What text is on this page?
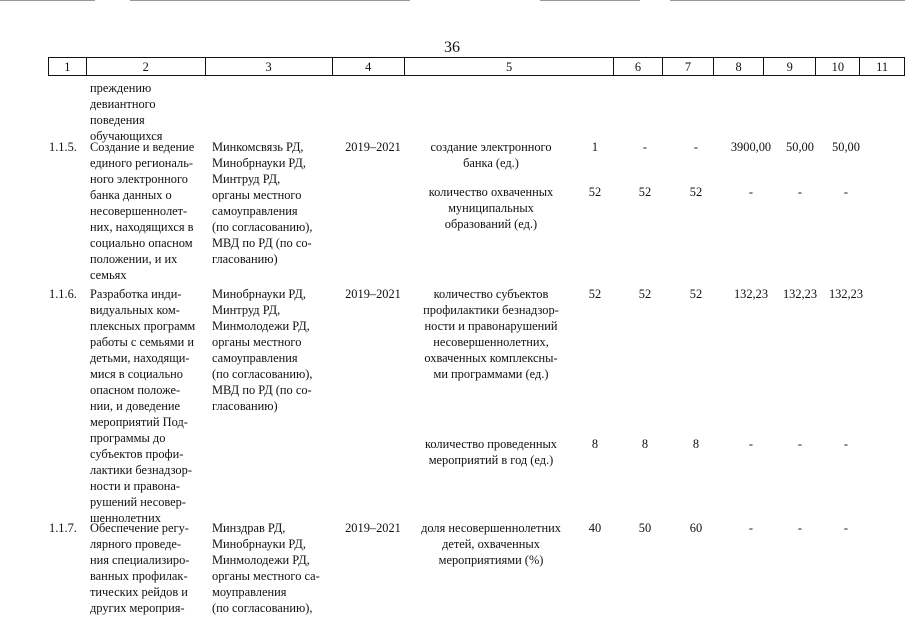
36
1	2	3	4	5	6	7	8	9	10	11
преждению девиантного поведения
обучающихся
1.1.5.	Создание и ведение
единого региональ-
ного электронного
банка данных о
несовершеннолет-
них, находящихся в
социально опасном
положении, и их
семьях
Минкомсвязь РД,
Минобрнауки РД,
Минтруд РД,
органы местного
самоуправления
(по согласованию),
МВД по РД (по со-
гласованию)
2019–2021	создание электронного
банка (ед.)
1	-	-	3900,00	50,00	50,00
количество охваченных
муниципальных
образований (ед.)
52	52	52	-	-	-
1.1.6.	Разработка инди-
видуальных ком-
плексных программ
работы с семьями и
детьми, находящи-
мися в социально
опасном положе-
нии, и доведение
мероприятий Под-
программы до
субъектов профи-
лактики безнадзор-
ности и правона-
рушений несовер-
шеннолетних
Минобрнауки РД,
Минтруд РД,
Минмолодежи РД,
органы местного
самоуправления
(по согласованию),
МВД по РД (по со-
гласованию)
2019–2021	количество субъектов
профилактики безнадзор-
ности и правонарушений
несовершеннолетних,
охваченных комплексны-
ми программами (ед.)
52	52	52	132,23	132,23 132,23
количество проведенных
мероприятий в год (ед.)
8	8	8	-	-	-
1.1.7.	Обеспечение регу-
лярного проведе-
ния специализиро-
ванных профилак-
тических рейдов и
других мероприя-
Минздрав РД,
Минобрнауки РД,
Минмолодежи РД,
органы местного са-
моуправления
(по согласованию),
2019–2021	доля несовершеннолетних
детей, охваченных
мероприятиями (%)
40	50	60	-	-	-
